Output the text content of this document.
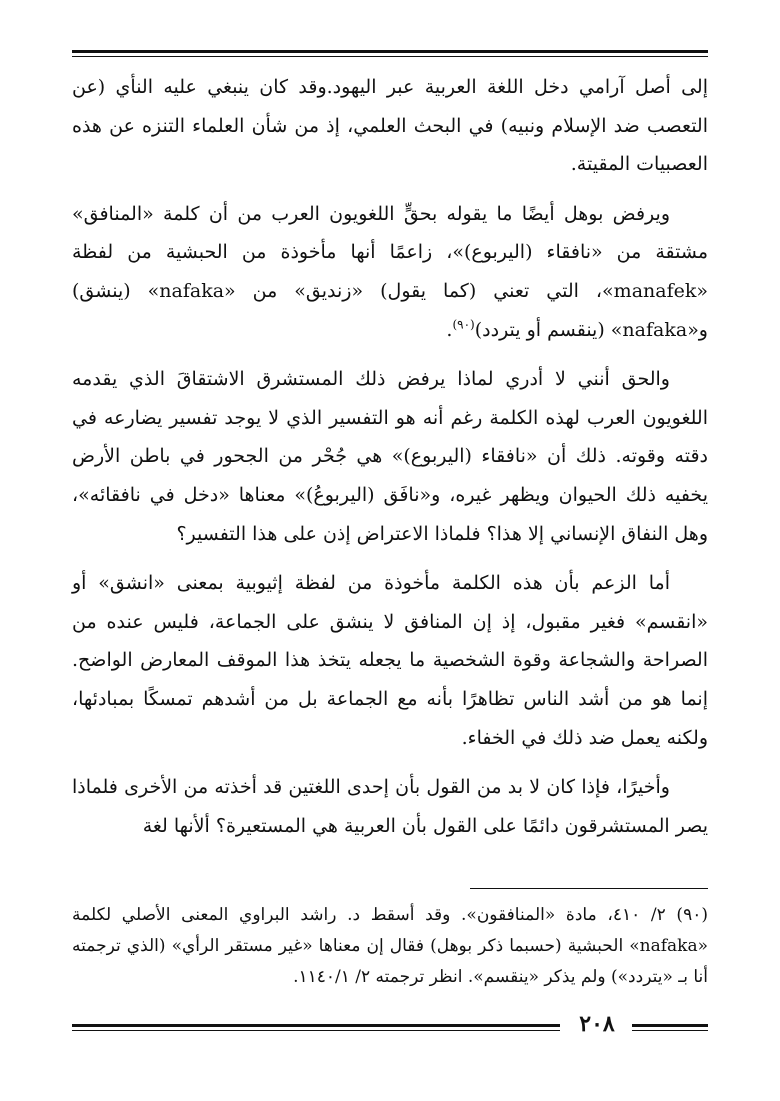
إلى أصل آرامي دخل اللغة العربية عبر اليهود.وقد كان ينبغي عليه النأي (عن التعصب ضد الإسلام ونبيه) في البحث العلمي، إذ من شأن العلماء التنزه عن هذه العصبيات المقيتة.

ويرفض بوهل أيضًا ما يقوله بحقٍّ اللغويون العرب من أن كلمة «المنافق» مشتقة من «نافقاء (اليربوع)»، زاعمًا أنها مأخوذة من الحبشية من لفظة «manafek»، التي تعني (كما يقول) «زنديق» من «nafaka» (ينشق) و«nafaka» (ينقسم أو يتردد)$^{(٩٠)}$.

والحق أنني لا أدري لماذا يرفض ذلك المستشرق الاشتقاقَ الذي يقدمه اللغويون العرب لهذه الكلمة رغم أنه هو التفسير الذي لا يوجد تفسير يضارعه في دقته وقوته. ذلك أن «نافقاء (اليربوع)» هي جُحْر من الجحور في باطن الأرض يخفيه ذلك الحيوان ويظهر غيره، و«نافَق (اليربوعُ)» معناها «دخل في نافقائه»، وهل النفاق الإنساني إلا هذا؟ فلماذا الاعتراض إذن على هذا التفسير؟

أما الزعم بأن هذه الكلمة مأخوذة من لفظة إثيوبية بمعنى «انشق» أو «انقسم» فغير مقبول، إذ إن المنافق لا ينشق على الجماعة، فليس عنده من الصراحة والشجاعة وقوة الشخصية ما يجعله يتخذ هذا الموقف المعارض الواضح. إنما هو من أشد الناس تظاهرًا بأنه مع الجماعة بل من أشدهم تمسكًا بمبادئها، ولكنه يعمل ضد ذلك في الخفاء.

وأخيرًا، فإذا كان لا بد من القول بأن إحدى اللغتين قد أخذته من الأخرى فلماذا يصر المستشرقون دائمًا على القول بأن العربية هي المستعيرة؟ ألأنها لغة

(٩٠) ٢/ ٤١٠، مادة «المنافقون». وقد أسقط د. راشد البراوي المعنى الأصلي لكلمة «nafaka» الحبشية (حسبما ذكر بوهل) فقال إن معناها «غير مستقر الرأي» (الذي ترجمته أنا بـ «يتردد») ولم يذكر «ينقسم». انظر ترجمته ٢/ ١١٤٠/١.

٢٠٨
